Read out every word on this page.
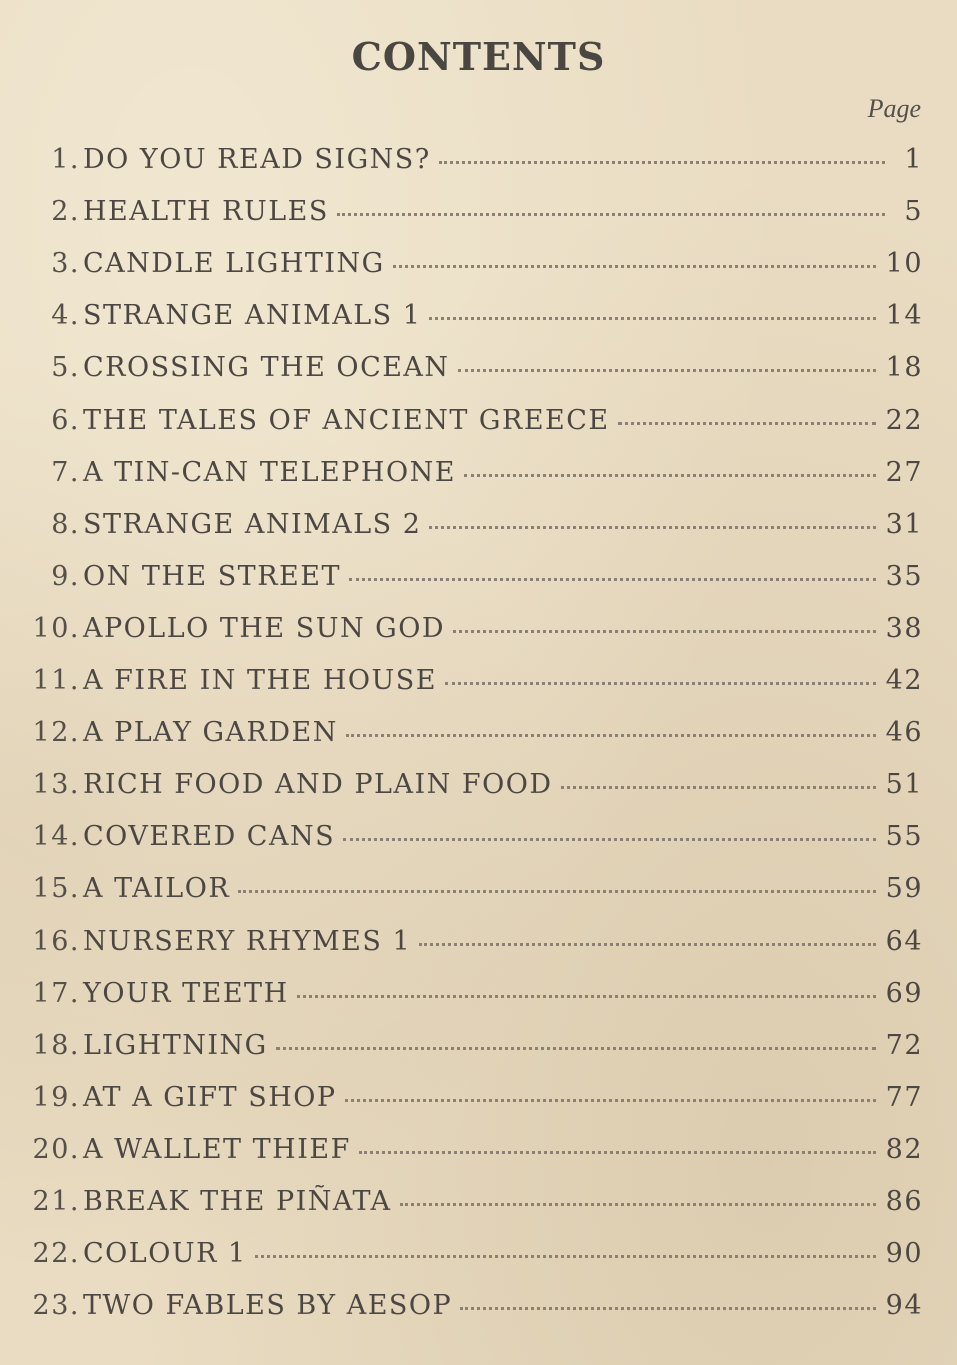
CONTENTS
Page
1. DO YOU READ SIGNS?	1
2. HEALTH RULES	5
3. CANDLE LIGHTING	10
4. STRANGE ANIMALS 1	14
5. CROSSING THE OCEAN	18
6. THE TALES OF ANCIENT GREECE	22
7. A TIN-CAN TELEPHONE	27
8. STRANGE ANIMALS 2	31
9. ON THE STREET	35
10. APOLLO THE SUN GOD	38
11. A FIRE IN THE HOUSE	42
12. A PLAY GARDEN	46
13. RICH FOOD AND PLAIN FOOD	51
14. COVERED CANS	55
15. A TAILOR	59
16. NURSERY RHYMES 1	64
17. YOUR TEETH	69
18. LIGHTNING	72
19. AT A GIFT SHOP	77
20. A WALLET THIEF	82
21. BREAK THE PIÑATA	86
22. COLOUR 1	90
23. TWO FABLES BY AESOP	94
